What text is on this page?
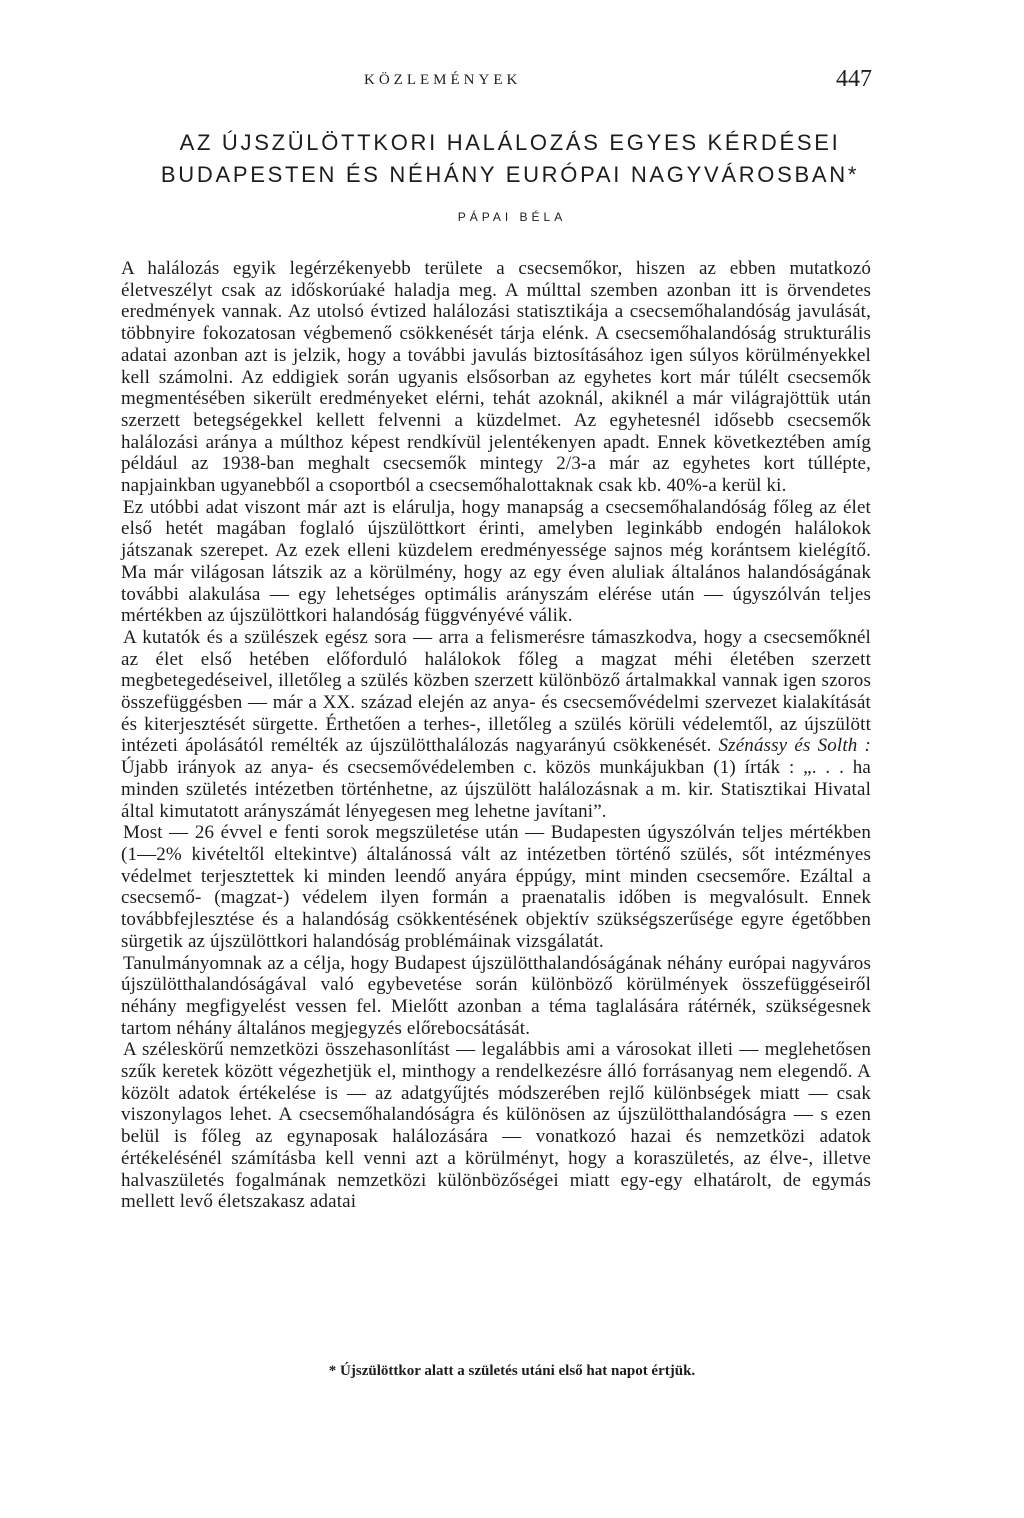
KÖZLEMÉNYEK	447
AZ ÚJSZÜLÖTTKORI HALÁLOZÁS EGYES KÉRDÉSEI
BUDAPESTEN ÉS NÉHÁNY EURÓPAI NAGYVÁROSBAN*
PÁPAI BÉLA

A halálozás egyik legérzékenyebb területe a csecsemőkor, hiszen az ebben mutatkozó életveszélyt csak az időskorúaké haladja meg. A múlttal szemben azonban itt is örvendetes eredmények vannak. Az utolsó évtized halálozási statisztikája a csecsemőhalandóság javulását, többnyire fokozatosan végbemenő csökkenését tárja elénk. A csecsemőhalandóság strukturális adatai azonban azt is jelzik, hogy a további javulás biztosításához igen súlyos körülményekkel kell számolni. Az eddigiek során ugyanis elsősorban az egyhetes kort már túlélt csecsemők megmentésében sikerült eredményeket elérni, tehát azoknál, akiknél a már világrajöttük után szerzett betegségekkel kellett felvenni a küzdelmet. Az egyhetesnél idősebb csecsemők halálozási aránya a múlthoz képest rendkívül jelentékenyen apadt. Ennek következtében amíg például az 1938-ban meghalt csecsemők mintegy 2/3-a már az egyhetes kort túllépte, napjainkban ugyanebből a csoportból a csecsemőhalottaknak csak kb. 40%-a kerül ki.

Ez utóbbi adat viszont már azt is elárulja, hogy manapság a csecsemőhalandóság főleg az élet első hetét magában foglaló újszülöttkort érinti, amelyben leginkább endogén halálokok játszanak szerepet. Az ezek elleni küzdelem eredményessége sajnos még korántsem kielégítő. Ma már világosan látszik az a körülmény, hogy az egy éven aluliak általános halandóságának további alakulása — egy lehetséges optimális arányszám elérése után — úgyszólván teljes mértékben az újszülöttkori halandóság függvényévé válik.

A kutatók és a szülészek egész sora — arra a felismerésre támaszkodva, hogy a csecsemőknél az élet első hetében előforduló halálokok főleg a magzat méhi életében szerzett megbetegedéseivel, illetőleg a szülés közben szerzett különböző ártalmakkal vannak igen szoros összefüggésben — már a XX. század elején az anya- és csecsemővédelmi szervezet kialakítását és kiterjesztését sürgette. Érthetően a terhes-, illetőleg a szülés körüli védelemtől, az újszülött intézeti ápolásától remélték az újszülötthalálozás nagyarányú csökkenését. Szénássy és Solth : Újabb irányok az anya- és csecsemővédelemben c. közös munkájukban (1) írták : „. . . ha minden születés intézetben történhetne, az újszülött halálozásnak a m. kir. Statisztikai Hivatal által kimutatott arányszámát lényegesen meg lehetne javítani”.

Most — 26 évvel e fenti sorok megszületése után — Budapesten úgyszólván teljes mértékben (1—2% kivételtől eltekintve) általánossá vált az intézetben történő szülés, sőt intézményes védelmet terjesztettek ki minden leendő anyára éppúgy, mint minden csecsemőre. Ezáltal a csecsemő- (magzat-) védelem ilyen formán a praenatalis időben is megvalósult. Ennek továbbfejlesztése és a halandóság csökkentésének objektív szükségszerűsége egyre égetőbben sürgetik az újszülöttkori halandóság problémáinak vizsgálatát.

Tanulmányomnak az a célja, hogy Budapest újszülötthalandóságának néhány európai nagyváros újszülötthalandóságával való egybevetése során különböző körülmények összefüggéseiről néhány megfigyelést vessen fel. Mielőtt azonban a téma taglalására rátérnék, szükségesnek tartom néhány általános megjegyzés előrebocsátását.

A széleskörű nemzetközi összehasonlítást — legalábbis ami a városokat illeti — meglehetősen szűk keretek között végezhetjük el, minthogy a rendelkezésre álló forrásanyag nem elegendő. A közölt adatok értékelése is — az adatgyűjtés módszerében rejlő különbségek miatt — csak viszonylagos lehet. A csecsemőhalandóságra és különösen az újszülötthalandóságra — s ezen belül is főleg az egynaposak halálozására — vonatkozó hazai és nemzetközi adatok értékelésénél számításba kell venni azt a körülményt, hogy a koraszületés, az élve-, illetve halvaszületés fogalmának nemzetközi különbözőségei miatt egy-egy elhatárolt, de egymás mellett levő életszakasz adatai

* Újszülöttkor alatt a születés utáni első hat napot értjük.
